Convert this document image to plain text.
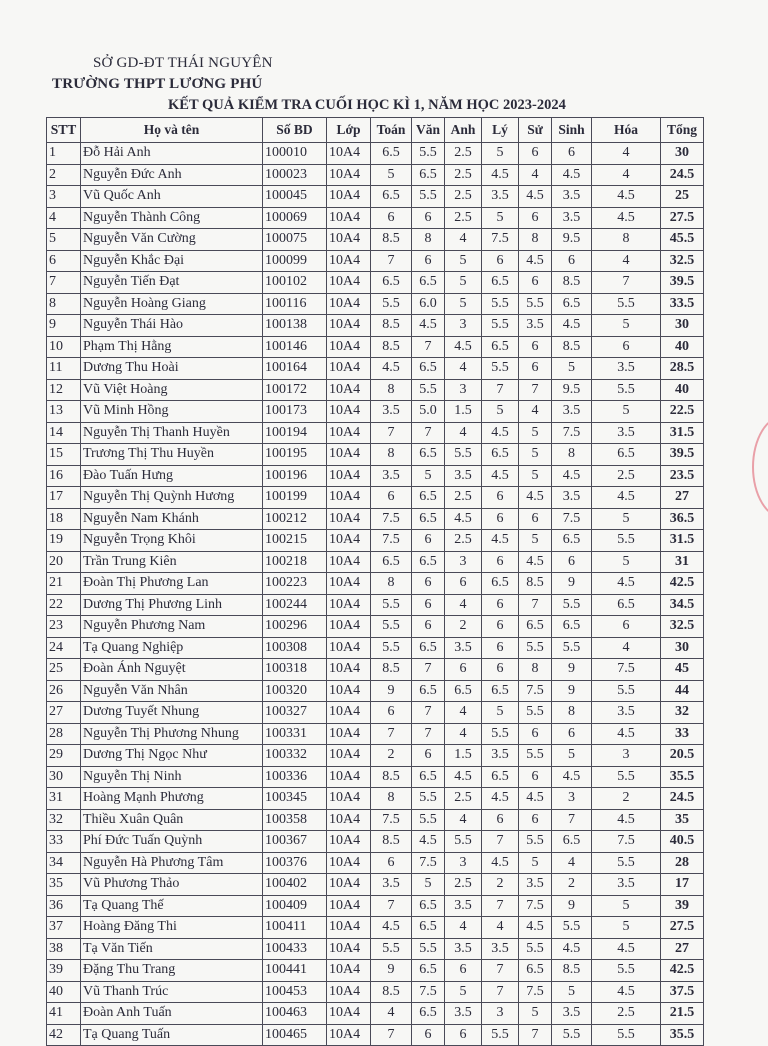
SỞ GD-ĐT THÁI NGUYÊN
TRƯỜNG THPT LƯƠNG PHÚ
KẾT QUẢ KIỂM TRA CUỐI HỌC KÌ 1, NĂM HỌC 2023-2024
STT	Họ và tên	Số BD	Lớp	Toán	Văn	Anh	Lý	Sử	Sinh	Hóa	Tổng
1	Đỗ Hải Anh	100010	10A4	6.5	5.5	2.5	5	6	6	4	30
2	Nguyễn Đức Anh	100023	10A4	5	6.5	2.5	4.5	4	4.5	4	24.5
3	Vũ Quốc Anh	100045	10A4	6.5	5.5	2.5	3.5	4.5	3.5	4.5	25
4	Nguyễn Thành Công	100069	10A4	6	6	2.5	5	6	3.5	4.5	27.5
5	Nguyễn Văn Cường	100075	10A4	8.5	8	4	7.5	8	9.5	8	45.5
6	Nguyễn Khắc Đại	100099	10A4	7	6	5	6	4.5	6	4	32.5
7	Nguyễn Tiến Đạt	100102	10A4	6.5	6.5	5	6.5	6	8.5	7	39.5
8	Nguyễn Hoàng Giang	100116	10A4	5.5	6.0	5	5.5	5.5	6.5	5.5	33.5
9	Nguyễn Thái Hào	100138	10A4	8.5	4.5	3	5.5	3.5	4.5	5	30
10	Phạm Thị Hằng	100146	10A4	8.5	7	4.5	6.5	6	8.5	6	40
11	Dương Thu Hoài	100164	10A4	4.5	6.5	4	5.5	6	5	3.5	28.5
12	Vũ Việt Hoàng	100172	10A4	8	5.5	3	7	7	9.5	5.5	40
13	Vũ Minh Hồng	100173	10A4	3.5	5.0	1.5	5	4	3.5	5	22.5
14	Nguyễn Thị Thanh Huyền	100194	10A4	7	7	4	4.5	5	7.5	3.5	31.5
15	Trương Thị Thu Huyền	100195	10A4	8	6.5	5.5	6.5	5	8	6.5	39.5
16	Đào Tuấn Hưng	100196	10A4	3.5	5	3.5	4.5	5	4.5	2.5	23.5
17	Nguyễn Thị Quỳnh Hương	100199	10A4	6	6.5	2.5	6	4.5	3.5	4.5	27
18	Nguyễn Nam Khánh	100212	10A4	7.5	6.5	4.5	6	6	7.5	5	36.5
19	Nguyễn Trọng Khôi	100215	10A4	7.5	6	2.5	4.5	5	6.5	5.5	31.5
20	Trần Trung Kiên	100218	10A4	6.5	6.5	3	6	4.5	6	5	31
21	Đoàn Thị Phương Lan	100223	10A4	8	6	6	6.5	8.5	9	4.5	42.5
22	Dương Thị Phương Linh	100244	10A4	5.5	6	4	6	7	5.5	6.5	34.5
23	Nguyễn Phương Nam	100296	10A4	5.5	6	2	6	6.5	6.5	6	32.5
24	Tạ Quang Nghiệp	100308	10A4	5.5	6.5	3.5	6	5.5	5.5	4	30
25	Đoàn Ánh Nguyệt	100318	10A4	8.5	7	6	6	8	9	7.5	45
26	Nguyễn Văn Nhân	100320	10A4	9	6.5	6.5	6.5	7.5	9	5.5	44
27	Dương Tuyết Nhung	100327	10A4	6	7	4	5	5.5	8	3.5	32
28	Nguyễn Thị Phương Nhung	100331	10A4	7	7	4	5.5	6	6	4.5	33
29	Dương Thị Ngọc Như	100332	10A4	2	6	1.5	3.5	5.5	5	3	20.5
30	Nguyễn Thị Ninh	100336	10A4	8.5	6.5	4.5	6.5	6	4.5	5.5	35.5
31	Hoàng Mạnh Phương	100345	10A4	8	5.5	2.5	4.5	4.5	3	2	24.5
32	Thiều Xuân Quân	100358	10A4	7.5	5.5	4	6	6	7	4.5	35
33	Phí Đức Tuấn Quỳnh	100367	10A4	8.5	4.5	5.5	7	5.5	6.5	7.5	40.5
34	Nguyễn Hà Phương Tâm	100376	10A4	6	7.5	3	4.5	5	4	5.5	28
35	Vũ Phương Thảo	100402	10A4	3.5	5	2.5	2	3.5	2	3.5	17
36	Tạ Quang Thế	100409	10A4	7	6.5	3.5	7	7.5	9	5	39
37	Hoàng Đăng Thi	100411	10A4	4.5	6.5	4	4	4.5	5.5	5	27.5
38	Tạ Văn Tiến	100433	10A4	5.5	5.5	3.5	3.5	5.5	4.5	4.5	27
39	Đặng Thu Trang	100441	10A4	9	6.5	6	7	6.5	8.5	5.5	42.5
40	Vũ Thanh Trúc	100453	10A4	8.5	7.5	5	7	7.5	5	4.5	37.5
41	Đoàn Anh Tuấn	100463	10A4	4	6.5	3.5	3	5	3.5	2.5	21.5
42	Tạ Quang Tuấn	100465	10A4	7	6	6	5.5	7	5.5	5.5	35.5
